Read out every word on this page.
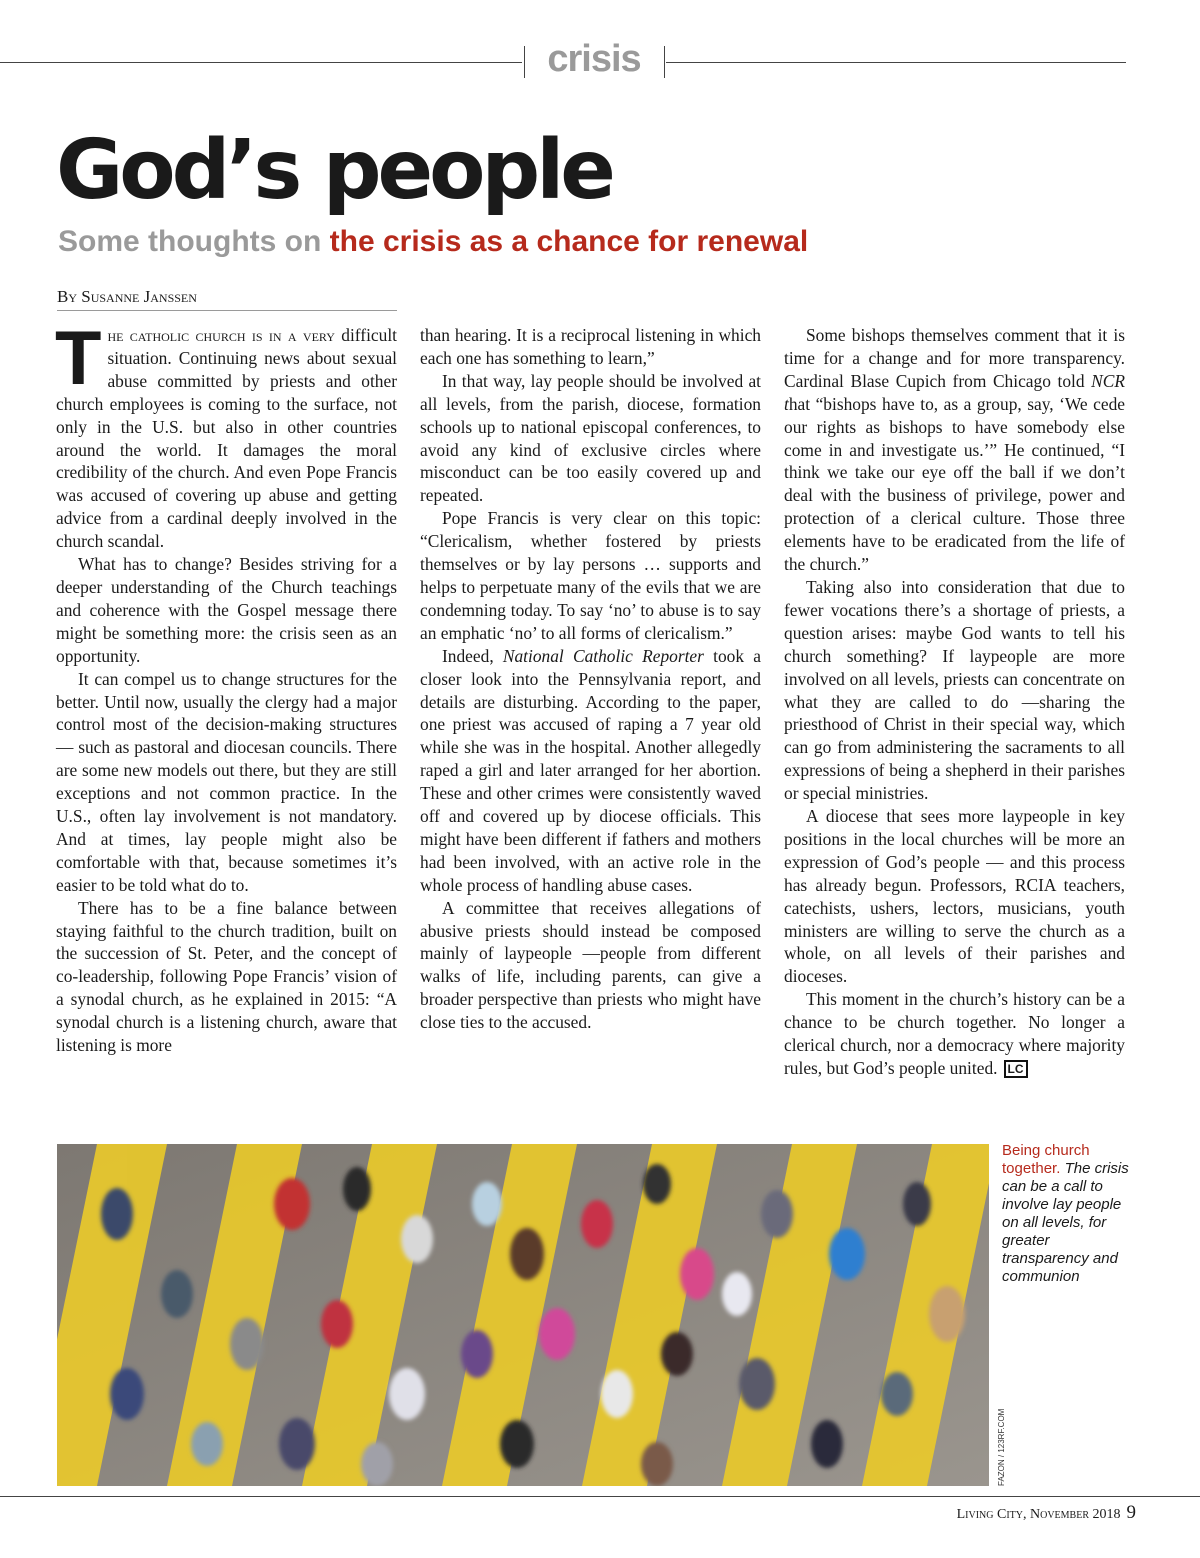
crisis
God’s people
Some thoughts on the crisis as a chance for renewal
By Susanne Janssen

The catholic church is in a very difficult situation. Continuing news about sexual abuse committed by priests and other church employees is coming to the surface, not only in the U.S. but also in other countries around the world. It damages the moral credibility of the church. And even Pope Francis was accused of covering up abuse and getting advice from a cardinal deeply involved in the church scandal.

What has to change? Besides striving for a deeper understanding of the Church teachings and coherence with the Gospel message there might be something more: the crisis seen as an opportunity.

It can compel us to change structures for the better. Until now, usually the clergy had a major control most of the decision-making structures — such as pastoral and diocesan councils. There are some new models out there, but they are still exceptions and not common practice. In the U.S., often lay involvement is not mandatory. And at times, lay people might also be comfortable with that, because sometimes it’s easier to be told what do to.

There has to be a fine balance between staying faithful to the church tradition, built on the succession of St. Peter, and the concept of co-leadership, following Pope Francis’ vision of a synodal church, as he explained in 2015: “A synodal church is a listening church, aware that listening is more

than hearing. It is a reciprocal listening in which each one has something to learn,”

In that way, lay people should be involved at all levels, from the parish, diocese, formation schools up to national episcopal conferences, to avoid any kind of exclusive circles where misconduct can be too easily covered up and repeated.

Pope Francis is very clear on this topic: “Clericalism, whether fostered by priests themselves or by lay persons … supports and helps to perpetuate many of the evils that we are condemning today. To say ‘no’ to abuse is to say an emphatic ‘no’ to all forms of clericalism.”

Indeed, National Catholic Reporter took a closer look into the Pennsylvania report, and details are disturbing. According to the paper, one priest was accused of raping a 7 year old while she was in the hospital. Another allegedly raped a girl and later arranged for her abortion. These and other crimes were consistently waved off and covered up by diocese officials. This might have been different if fathers and mothers had been involved, with an active role in the whole process of handling abuse cases.

A committee that receives allegations of abusive priests should instead be composed mainly of laypeople —people from different walks of life, including parents, can give a broader perspective than priests who might have close ties to the accused.

Some bishops themselves comment that it is time for a change and for more transparency. Cardinal Blase Cupich from Chicago told NCR that “bishops have to, as a group, say, ‘We cede our rights as bishops to have somebody else come in and investigate us.’” He continued, “I think we take our eye off the ball if we don’t deal with the business of privilege, power and protection of a clerical culture. Those three elements have to be eradicated from the life of the church.”

Taking also into consideration that due to fewer vocations there’s a shortage of priests, a question arises: maybe God wants to tell his church something? If laypeople are more involved on all levels, priests can concentrate on what they are called to do —sharing the priesthood of Christ in their special way, which can go from administering the sacraments to all expressions of being a shepherd in their parishes or special ministries.

A diocese that sees more laypeople in key positions in the local churches will be more an expression of God’s people — and this process has already begun. Professors, RCIA teachers, catechists, ushers, lectors, musicians, youth ministers are willing to serve the church as a whole, on all levels of their parishes and dioceses.

This moment in the church’s history can be a chance to be church together. No longer a clerical church, nor a democracy where majority rules, but God’s people united. LC

FAZON / 123RF.COM
Being church together. The crisis can be a call to involve lay people on all levels, for greater transparency and communion
Living City, November 2018 9
